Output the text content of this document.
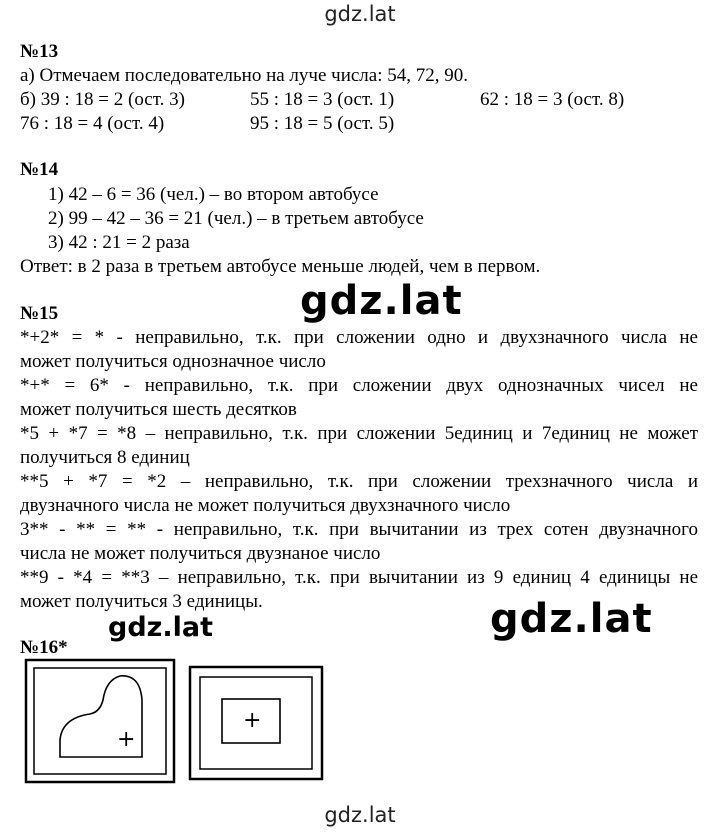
gdz.lat
№13
а) Отмечаем последовательно на луче числа: 54, 72, 90.
б) 39 : 18 = 2 (ост. 3)	55 : 18 = 3 (ост. 1)	62 : 18 = 3 (ост. 8)
76 : 18 = 4 (ост. 4)	95 : 18 = 5 (ост. 5)
№14
1) 42 – 6 = 36 (чел.) – во втором автобусе
2) 99 – 42 – 36 = 21 (чел.) – в третьем автобусе
3) 42 : 21 = 2 раза
Ответ: в 2 раза в третьем автобусе меньше людей, чем в первом.
gdz.lat
№15
*+2* = * - неправильно, т.к. при сложении одно и двухзначного числа не
может получиться однозначное число
*+* = 6* - неправильно, т.к. при сложении двух однозначных чисел не
может получиться шесть десятков
*5 + *7 = *8 – неправильно, т.к. при сложении 5единиц и 7единиц не может
получиться 8 единиц
**5 + *7 = *2 – неправильно, т.к. при сложении трехзначного числа и
двузначного числа не может получиться двухзначного число
3** - ** = ** - неправильно, т.к. при вычитании из трех сотен двузначного
числа не может получиться двузнаное число
**9 - *4 = **3 – неправильно, т.к. при вычитании из 9 единиц 4 единицы не
может получиться 3 единицы.
gdz.lat	gdz.lat
№16*
+
+
gdz.lat
